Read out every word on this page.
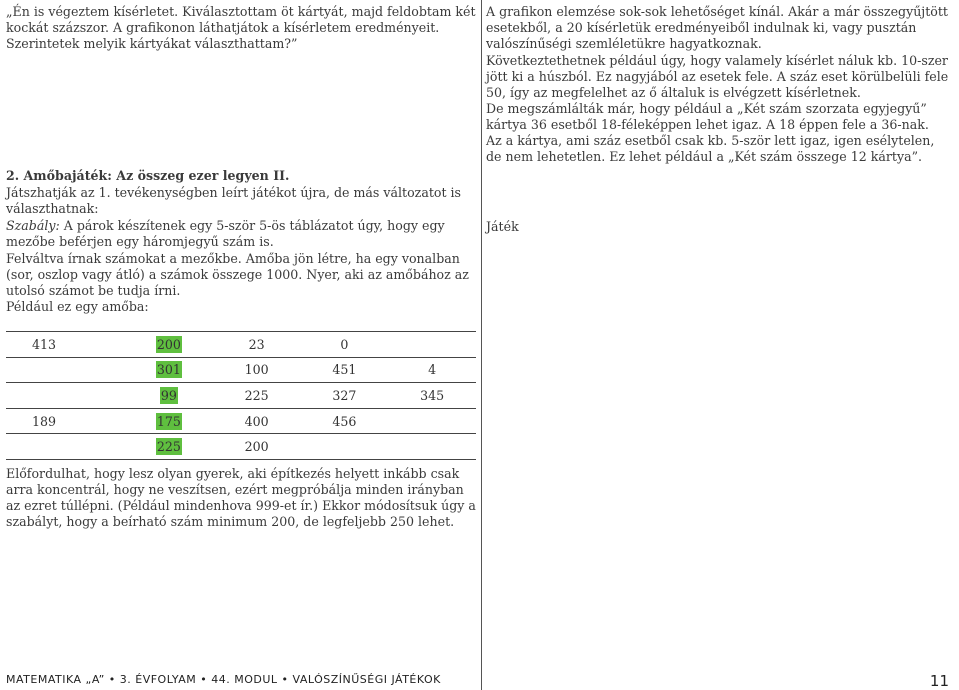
„Én is végeztem kísérletet. Kiválasztottam öt kártyát, majd feldobtam két kockát százszor. A grafikonon láthatjátok a kísérletem eredményeit. Szerintetek melyik kártyákat választhattam?”
2. Amőbajáték: Az összeg ezer legyen II.
Játszhatják az 1. tevékenységben leírt játékot újra, de más változatot is választhatnak:
Szabály: A párok készítenek egy 5-ször 5-ös táblázatot úgy, hogy egy mezőbe beférjen egy háromjegyű szám is.
Felváltva írnak számokat a mezőkbe. Amőba jön létre, ha egy vonalban (sor, oszlop vagy átló) a számok összege 1000. Nyer, aki az amőbához az utolsó számot be tudja írni.
Például ez egy amőba:
413	200	23	0	
	301	100	451	4
	99	225	327	345
189	175	400	456	
	225	200		
Előfordulhat, hogy lesz olyan gyerek, aki építkezés helyett inkább csak arra koncentrál, hogy ne veszítsen, ezért megpróbálja minden irányban az ezret túllépni. (Például mindenhova 999-et ír.) Ekkor módosítsuk úgy a szabályt, hogy a beírható szám minimum 200, de legfeljebb 250 lehet.
A grafikon elemzése sok-sok lehetőséget kínál. Akár a már összegyűjtött esetekből, a 20 kísérletük eredményeiből indulnak ki, vagy pusztán valószínűségi szemléletükre hagyatkoznak.
Következtethetnek például úgy, hogy valamely kísérlet náluk kb. 10-szer jött ki a húszból. Ez nagyjából az esetek fele. A száz eset körülbelüli fele 50, így az megfelelhet az ő általuk is elvégzett kísérletnek.
De megszámlálták már, hogy például a „Két szám szorzata egyjegyű” kártya 36 esetből 18-féleképpen lehet igaz. A 18 éppen fele a 36-nak.
Az a kártya, ami száz esetből csak kb. 5-ször lett igaz, igen esélytelen, de nem lehetetlen. Ez lehet például a „Két szám összege 12 kártya”.
Játék
MATEMATIKA „A” • 3. ÉVFOLYAM • 44. MODUL • VALÓSZÍNŰSÉGI JÁTÉKOK	11
